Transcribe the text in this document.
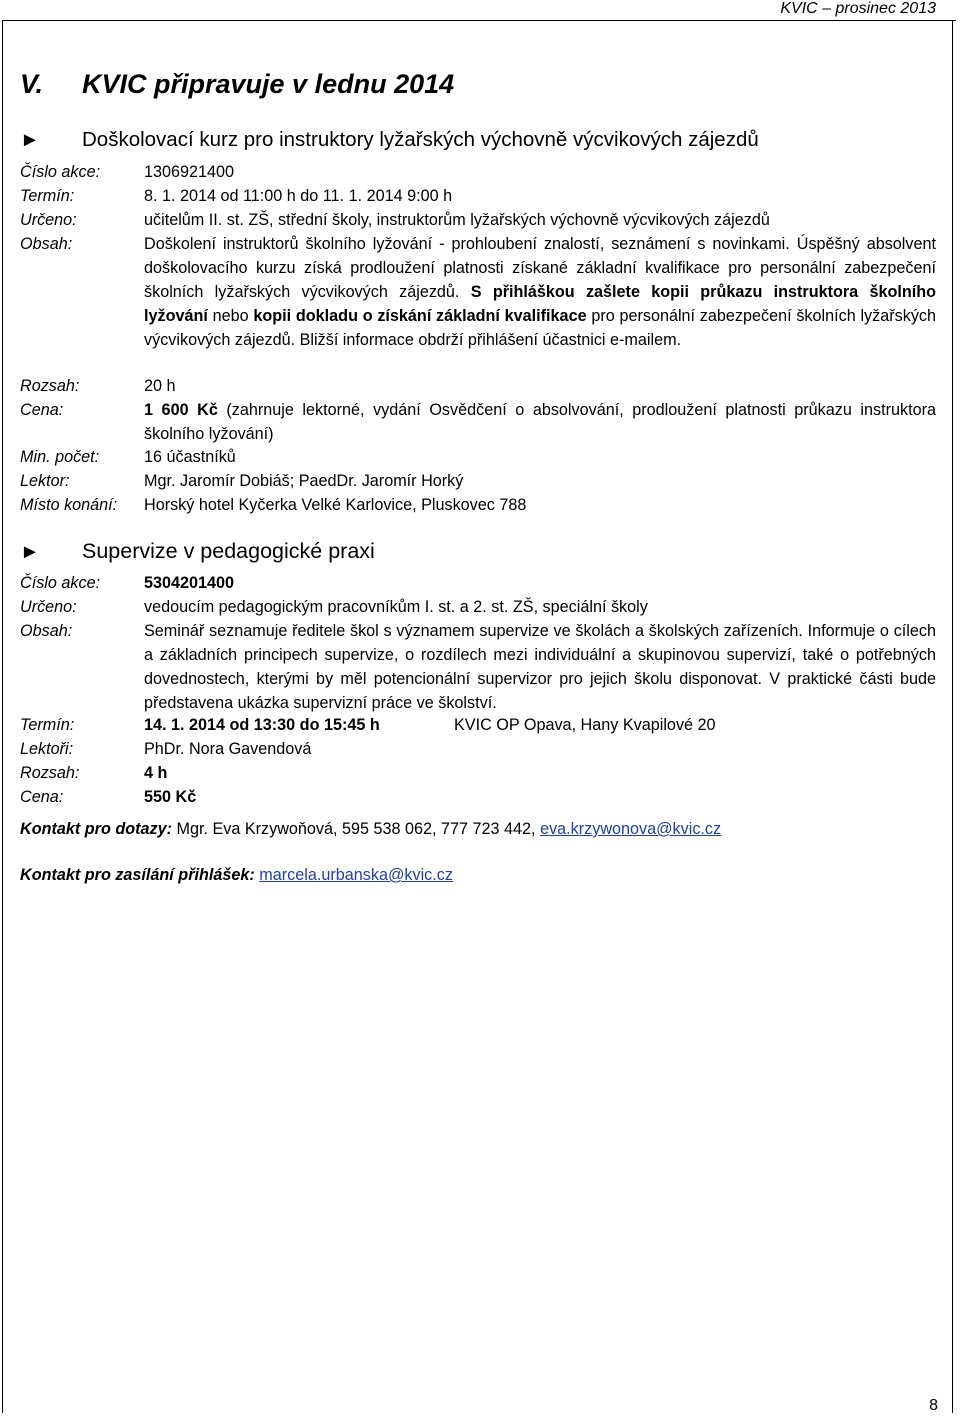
KVIC – prosinec 2013
V. KVIC připravuje v lednu 2014
► Doškolovací kurz pro instruktory lyžařských výchovně výcvikových zájezdů
Číslo akce:	1306921400
Termín:	8. 1. 2014 od 11:00 h do 11. 1. 2014 9:00 h
Určeno:	učitelům II. st. ZŠ, střední školy, instruktorům lyžařských výchovně výcvikových zájezdů
Obsah:	Doškolení instruktorů školního lyžování - prohloubení znalostí, seznámení s novinkami. Úspěšný absolvent doškolovacího kurzu získá prodloužení platnosti získané základní kvalifikace pro personální zabezpečení školních lyžařských výcvikových zájezdů. S přihláškou zašlete kopii průkazu instruktora školního lyžování nebo kopii dokladu o získání základní kvalifikace pro personální zabezpečení školních lyžařských výcvikových zájezdů. Bližší informace obdrží přihlášení účastnici e-mailem.
Rozsah:	20 h
Cena:	1 600 Kč (zahrnuje lektorné, vydání Osvědčení o absolvování, prodloužení platnosti průkazu instruktora školního lyžování)
Min. počet:	16 účastníků
Lektor:	Mgr. Jaromír Dobiáš; PaedDr. Jaromír Horký
Místo konání: Horský hotel Kyčerka Velké Karlovice, Pluskovec 788
► Supervize v pedagogické praxi
Číslo akce:	5304201400
Určeno:	vedoucím pedagogickým pracovníkům I. st. a 2. st. ZŠ, speciální školy
Obsah:	Seminář seznamuje ředitele škol s významem supervize ve školách a školských zařízeních. Informuje o cílech a základních principech supervize, o rozdílech mezi individuální a skupinovou supervizí, také o potřebných dovednostech, kterými by měl potencionální supervizor pro jejich školu disponovat. V praktické části bude představena ukázka supervizní práce ve školství.
Termín:	14. 1. 2014 od 13:30 do 15:45 h	KVIC OP Opava, Hany Kvapilové 20
Lektoři:	PhDr. Nora Gavendová
Rozsah:	4 h
Cena:	550 Kč
Kontakt pro dotazy: Mgr. Eva Krzywoňová, 595 538 062, 777 723 442, eva.krzywonova@kvic.cz
Kontakt pro zasílání přihlášek: marcela.urbanska@kvic.cz
8
